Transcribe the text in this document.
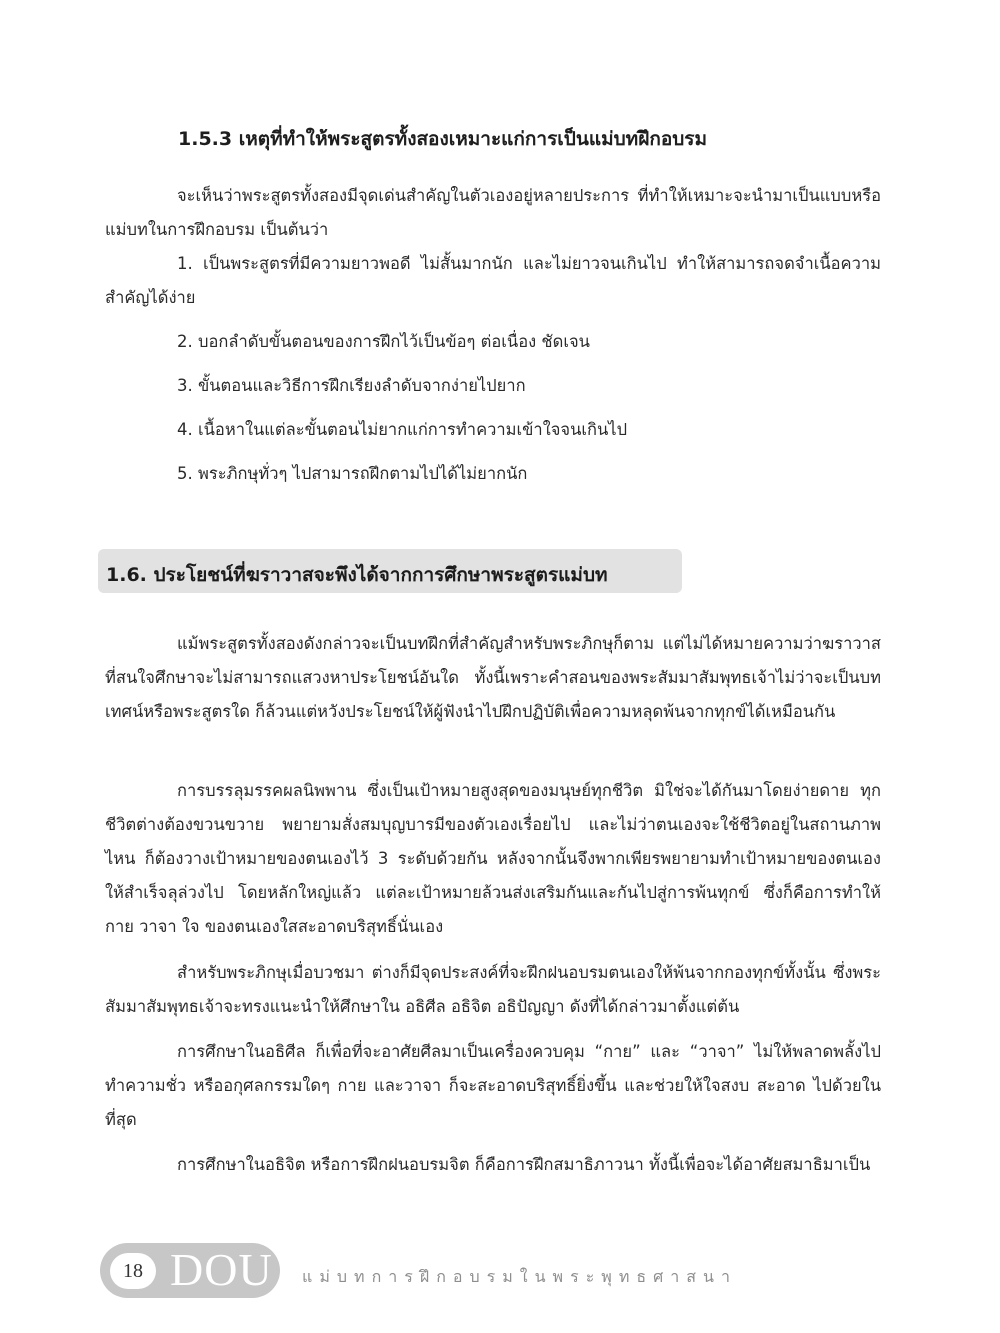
1.5.3 เหตุที่ทำให้พระสูตรทั้งสองเหมาะแก่การเป็นแม่บทฝึกอบรม

จะเห็นว่าพระสูตรทั้งสองมีจุดเด่นสำคัญในตัวเองอยู่หลายประการ ที่ทำให้เหมาะจะนำมาเป็นแบบหรือแม่บทในการฝึกอบรม เป็นต้นว่า

1. เป็นพระสูตรที่มีความยาวพอดี ไม่สั้นมากนัก และไม่ยาวจนเกินไป ทำให้สามารถจดจำเนื้อความสำคัญได้ง่าย

2. บอกลำดับขั้นตอนของการฝึกไว้เป็นข้อๆ ต่อเนื่อง ชัดเจน
3. ขั้นตอนและวิธีการฝึกเรียงลำดับจากง่ายไปยาก
4. เนื้อหาในแต่ละขั้นตอนไม่ยากแก่การทำความเข้าใจจนเกินไป
5. พระภิกษุทั่วๆ ไปสามารถฝึกตามไปได้ไม่ยากนัก
1.6. ประโยชน์ที่ฆราวาสจะพึงได้จากการศึกษาพระสูตรแม่บท

แม้พระสูตรทั้งสองดังกล่าวจะเป็นบทฝึกที่สำคัญสำหรับพระภิกษุก็ตาม แต่ไม่ได้หมายความว่าฆราวาสที่สนใจศึกษาจะไม่สามารถแสวงหาประโยชน์อันใด ทั้งนี้เพราะคำสอนของพระสัมมาสัมพุทธเจ้าไม่ว่าจะเป็นบทเทศน์หรือพระสูตรใด ก็ล้วนแต่หวังประโยชน์ให้ผู้ฟังนำไปฝึกปฏิบัติเพื่อความหลุดพ้นจากทุกข์ได้เหมือนกัน

การบรรลุมรรคผลนิพพาน ซึ่งเป็นเป้าหมายสูงสุดของมนุษย์ทุกชีวิต มิใช่จะได้กันมาโดยง่ายดาย ทุกชีวิตต่างต้องขวนขวาย พยายามสั่งสมบุญบารมีของตัวเองเรื่อยไป และไม่ว่าตนเองจะใช้ชีวิตอยู่ในสถานภาพไหน ก็ต้องวางเป้าหมายของตนเองไว้ 3 ระดับด้วยกัน หลังจากนั้นจึงพากเพียรพยายามทำเป้าหมายของตนเองให้สำเร็จลุล่วงไป โดยหลักใหญ่แล้ว แต่ละเป้าหมายล้วนส่งเสริมกันและกันไปสู่การพ้นทุกข์ ซึ่งก็คือการทำให้กาย วาจา ใจ ของตนเองใสสะอาดบริสุทธิ์นั่นเอง

สำหรับพระภิกษุเมื่อบวชมา ต่างก็มีจุดประสงค์ที่จะฝึกฝนอบรมตนเองให้พ้นจากกองทุกข์ทั้งนั้น ซึ่งพระสัมมาสัมพุทธเจ้าจะทรงแนะนำให้ศึกษาใน อธิศีล อธิจิต อธิปัญญา ดังที่ได้กล่าวมาตั้งแต่ต้น

การศึกษาในอธิศีล ก็เพื่อที่จะอาศัยศีลมาเป็นเครื่องควบคุม “กาย” และ “วาจา” ไม่ให้พลาดพลั้งไปทำความชั่ว หรืออกุศลกรรมใดๆ กาย และวาจา ก็จะสะอาดบริสุทธิ์ยิ่งขึ้น และช่วยให้ใจสงบ สะอาด ไปด้วยในที่สุด

การศึกษาในอธิจิต หรือการฝึกฝนอบรมจิต ก็คือการฝึกสมาธิภาวนา ทั้งนี้เพื่อจะได้อาศัยสมาธิมาเป็น

18 DOU แม่บทการฝึกอบรมในพระพุทธศาสนา
